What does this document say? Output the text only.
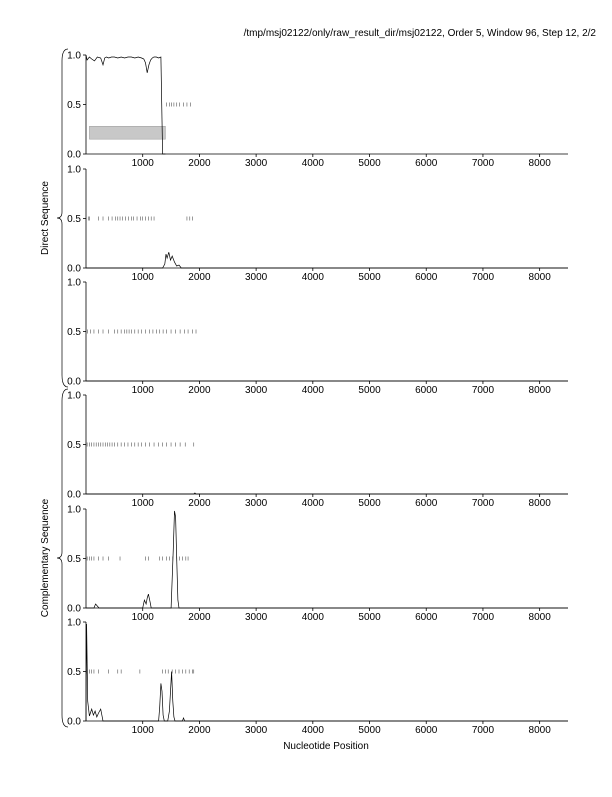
/tmp/msj02122/only/raw_result_dir/msj02122, Order 5, Window 96, Step 12, 2/2
Nucleotide Position
0.0
0.5
1.0
1000	2000	3000	4000	5000	6000	7000	8000
0.0
0.5
1.0
1000	2000	3000	4000	5000	6000	7000	8000
0.0
0.5
1.0
1000	2000	3000	4000	5000	6000	7000	8000
0.0
0.5
1.0
1000	2000	3000	4000	5000	6000	7000	8000
0.0
0.5
1.0
1000	2000	3000	4000	5000	6000	7000	8000
0.0
0.5
1.0
1000	2000	3000	4000	5000	6000	7000	8000
Direct Sequence
Complementary Sequence
